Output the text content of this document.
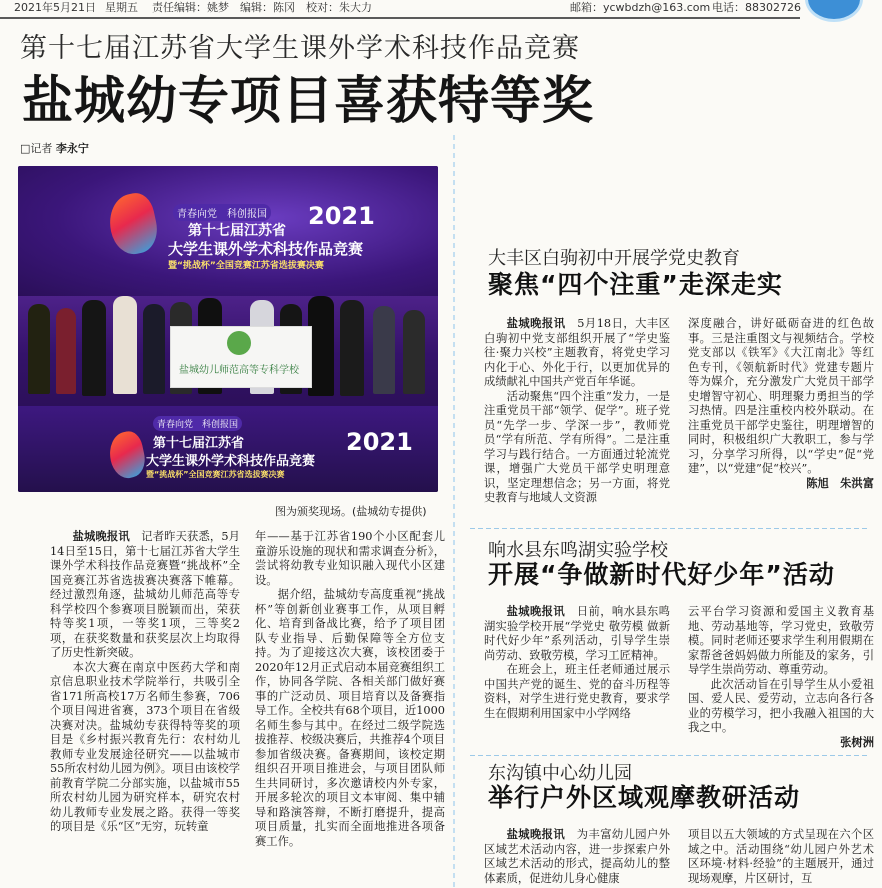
2021年5月21日 星期五 责任编辑：姚梦　编辑：陈冈　校对：朱大力	邮箱：ycwbdzh@163.com 电话：88302726
第十七届江苏省大学生课外学术科技作品竞赛
盐城幼专项目喜获特等奖
□记者 李永宁
青春向党　科创报国
第十七届江苏省
大学生课外学术科技作品竞赛
暨“挑战杯”全国竞赛江苏省选拔赛决赛
2021
盐城幼儿师范高等专科学校
青春向党　科创报国
第十七届江苏省
大学生课外学术科技作品竞赛
暨“挑战杯”全国竞赛江苏省选拔赛决赛
2021
图为颁奖现场。(盐城幼专提供)

盐城晚报讯　 记者昨天获悉，5月14日至15日，第十七届江苏省大学生课外学术科技作品竞赛暨“挑战杯”全国竞赛江苏省选拔赛决赛落下帷幕。经过激烈角逐，盐城幼儿师范高等专科学校四个参赛项目脱颖而出，荣获特等奖1项，一等奖1项，三等奖2项，在获奖数量和获奖层次上均取得了历史性新突破。

本次大赛在南京中医药大学和南京信息职业技术学院举行，共吸引全省171所高校17万名师生参赛，706个项目闯进省赛，373个项目在省级决赛对决。盐城幼专获得特等奖的项目是《乡村振兴教育先行：农村幼儿教师专业发展途径研究——以盐城市55所农村幼儿园为例》。项目由该校学前教育学院二分部实施，以盐城市55所农村幼儿园为研究样本，研究农村幼儿教师专业发展之路。获得一等奖的项目是《乐“区”无穷，玩转童

年——基于江苏省190个小区配套儿童游乐设施的现状和需求调查分析》，尝试将幼教专业知识融入现代小区建设。

据介绍，盐城幼专高度重视“挑战杯”等创新创业赛事工作，从项目孵化、培育到备战比赛，给予了项目团队专业指导、后勤保障等全方位支持。为了迎接这次大赛，该校团委于2020年12月正式启动本届竞赛组织工作，协同各学院、各相关部门做好赛事的广泛动员、项目培育以及备赛指导工作。全校共有68个项目，近1000名师生参与其中。在经过二级学院选拔推荐、校级决赛后，共推荐4个项目参加省级决赛。备赛期间，该校定期组织召开项目推进会，与项目团队师生共同研讨，多次邀请校内外专家，开展多轮次的项目文本审阅、集中辅导和路演答辩，不断打磨提升，提高项目质量，扎实而全面地推进各项备赛工作。

大丰区白驹初中开展学党史教育
聚焦“四个注重”走深走实

盐城晚报讯　 5月18日，大丰区白驹初中党支部组织开展了“学史鉴往·聚力兴校”主题教育，将党史学习内化于心、外化于行，以更加优异的成绩献礼中国共产党百年华诞。

活动聚焦“四个注重”发力，一是注重党员干部“领学、促学”。班子党员“先学一步、学深一步”，教师党员“学有所范、学有所得”。二是注重学习与践行结合。一方面通过轮流党课，增强广大党员干部学史明理意识，坚定理想信念；另一方面，将党史教育与地域人文资源

深度融合，讲好砥砺奋进的红色故事。三是注重图文与视频结合。学校党支部以《铁军》《大江南北》等红色专刊，《领航新时代》党建专题片等为媒介，充分激发广大党员干部学史增智守初心、明理聚力勇担当的学习热情。四是注重校内校外联动。在注重党员干部学史鉴往，明理增智的同时，积极组织广大教职工，参与学习，分享学习所得，以“学史”促“党建”，以“党建”促“校兴”。

陈旭　朱洪富
响水县东鸣湖实验学校
开展“争做新时代好少年”活动

盐城晚报讯　 日前，响水县东鸣湖实验学校开展“学党史 敬劳模 做新时代好少年”系列活动，引导学生崇尚劳动、致敬劳模，学习工匠精神。

在班会上，班主任老师通过展示中国共产党的诞生、党的奋斗历程等资料，对学生进行党史教育，要求学生在假期利用国家中小学网络

云平台学习资源和爱国主义教育基地、劳动基地等，学习党史，致敬劳模。同时老师还要求学生利用假期在家帮爸爸妈妈做力所能及的家务，引导学生崇尚劳动、尊重劳动。

此次活动旨在引导学生从小爱祖国、爱人民、爱劳动，立志向各行各业的劳模学习，把小我融入祖国的大我之中。

张树洲
东沟镇中心幼儿园
举行户外区域观摩教研活动

盐城晚报讯　 为丰富幼儿园户外区域艺术活动内容，进一步探索户外区域艺术活动的形式，提高幼儿的整体素质，促进幼儿身心健康

项目以五大领域的方式呈现在六个区域之中。活动围绕“幼儿园户外艺术区环境·材料·经验”的主题展开，通过现场观摩，片区研讨，互
